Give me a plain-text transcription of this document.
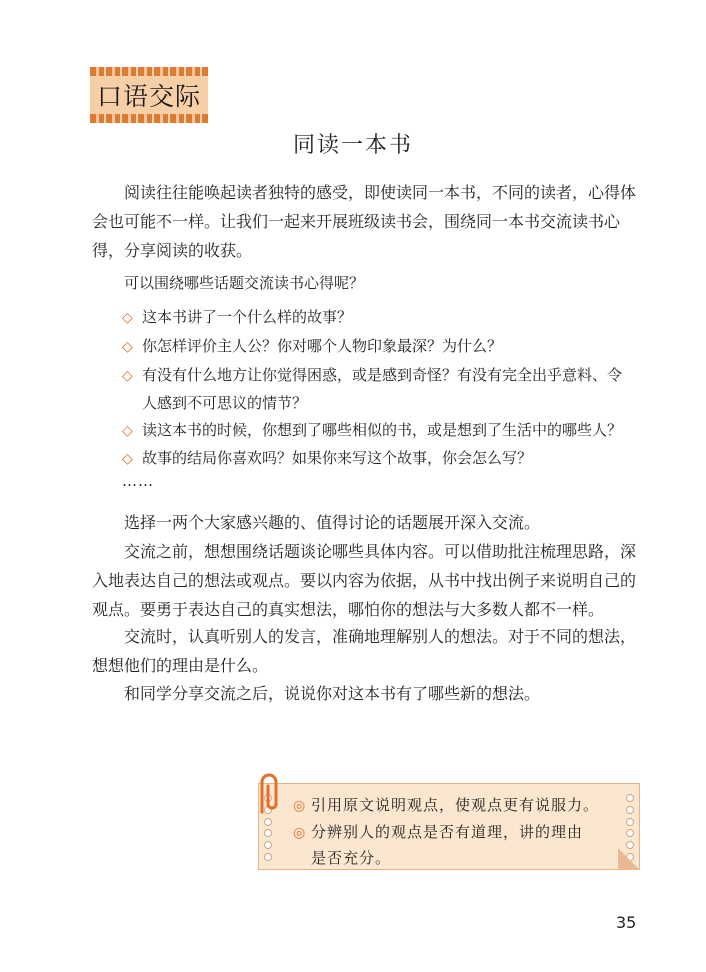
口语交际
同读一本书

阅读往往能唤起读者独特的感受，即使读同一本书，不同的读者，心得体会也可能不一样。让我们一起来开展班级读书会，围绕同一本书交流读书心得，分享阅读的收获。

可以围绕哪些话题交流读书心得呢？

◇ 这本书讲了一个什么样的故事？
◇ 你怎样评价主人公？你对哪个人物印象最深？为什么？
◇ 有没有什么地方让你觉得困惑，或是感到奇怪？有没有完全出乎意料、令
人感到不可思议的情节？
◇ 读这本书的时候，你想到了哪些相似的书，或是想到了生活中的哪些人？
◇ 故事的结局你喜欢吗？如果你来写这个故事，你会怎么写？
……

选择一两个大家感兴趣的、值得讨论的话题展开深入交流。

交流之前，想想围绕话题谈论哪些具体内容。可以借助批注梳理思路，深入地表达自己的想法或观点。要以内容为依据，从书中找出例子来说明自己的观点。要勇于表达自己的真实想法，哪怕你的想法与大多数人都不一样。

交流时，认真听别人的发言，准确地理解别人的想法。对于不同的想法，想想他们的理由是什么。

和同学分享交流之后，说说你对这本书有了哪些新的想法。

◎ 引用原文说明观点，使观点更有说服力。

◎ 分辨别人的观点是否有道理，讲的理由

是否充分。

35
